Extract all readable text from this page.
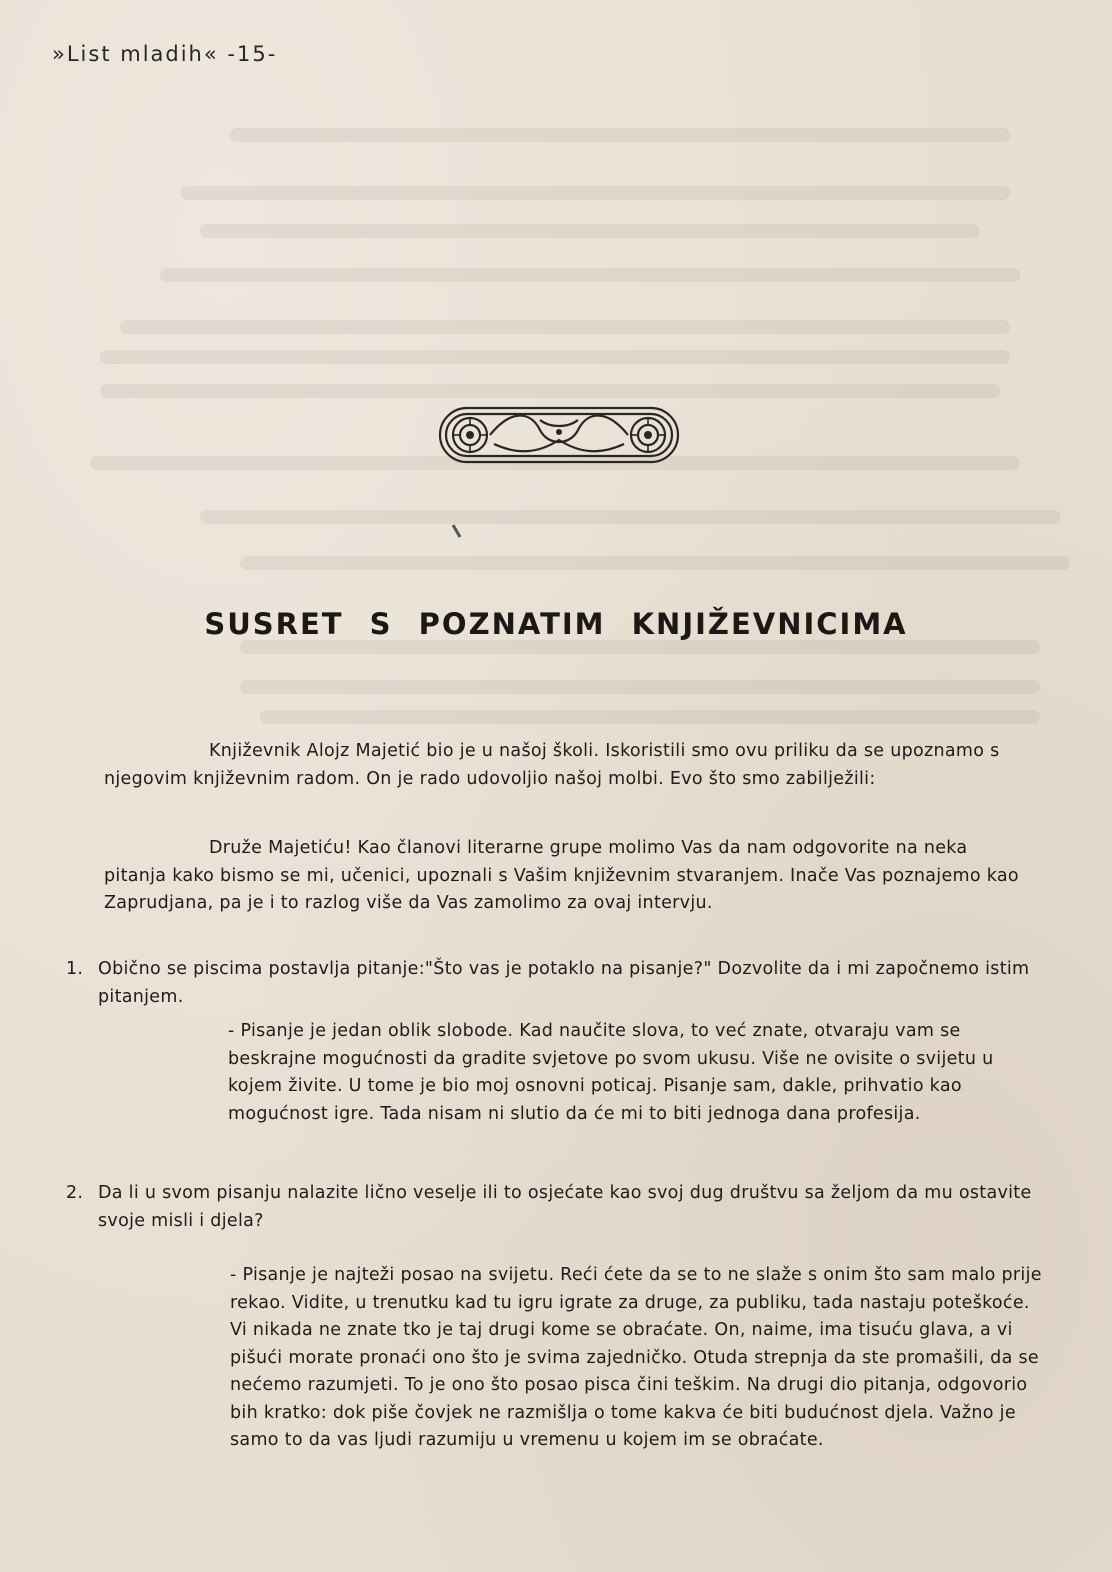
»List mladih« -15-
SUSRET S POZNATIM KNJIŽEVNICIMA

Književnik Alojz Majetić bio je u našoj školi. Iskoristili smo ovu priliku da se upoznamo s njegovim književnim radom. On je rado udovoljio našoj molbi. Evo što smo zabilježili:

Druže Majetiću! Kao članovi literarne grupe molimo Vas da nam odgovorite na neka pitanja kako bismo se mi, učenici, upoznali s Vašim književnim stvaranjem. Inače Vas poznajemo kao Zaprudjana, pa je i to razlog više da Vas zamolimo za ovaj intervju.

1. Obično se piscima postavlja pitanje:"Što vas je potaklo na pisanje?" Dozvolite da i mi započnemo istim pitanjem.

- Pisanje je jedan oblik slobode. Kad naučite slova, to već znate, otvaraju vam se beskrajne mogućnosti da gradite svjetove po svom ukusu. Više ne ovisite o svijetu u kojem živite. U tome je bio moj osnovni poticaj. Pisanje sam, dakle, prihvatio kao mogućnost igre. Tada nisam ni slutio da će mi to biti jednoga dana profesija.

2. Da li u svom pisanju nalazite lično veselje ili to osjećate kao svoj dug društvu sa željom da mu ostavite svoje misli i djela?

- Pisanje je najteži posao na svijetu. Reći ćete da se to ne slaže s onim što sam malo prije rekao. Vidite, u trenutku kad tu igru igrate za druge, za publiku, tada nastaju poteškoće. Vi nikada ne znate tko je taj drugi kome se obraćate. On, naime, ima tisuću glava, a vi pišući morate pronaći ono što je svima zajedničko. Otuda strepnja da ste promašili, da se nećemo razumjeti. To je ono što posao pisca čini teškim. Na drugi dio pitanja, odgovorio bih kratko: dok piše čovjek ne razmišlja o tome kakva će biti budućnost djela. Važno je samo to da vas ljudi razumiju u vremenu u kojem im se obraćate.
